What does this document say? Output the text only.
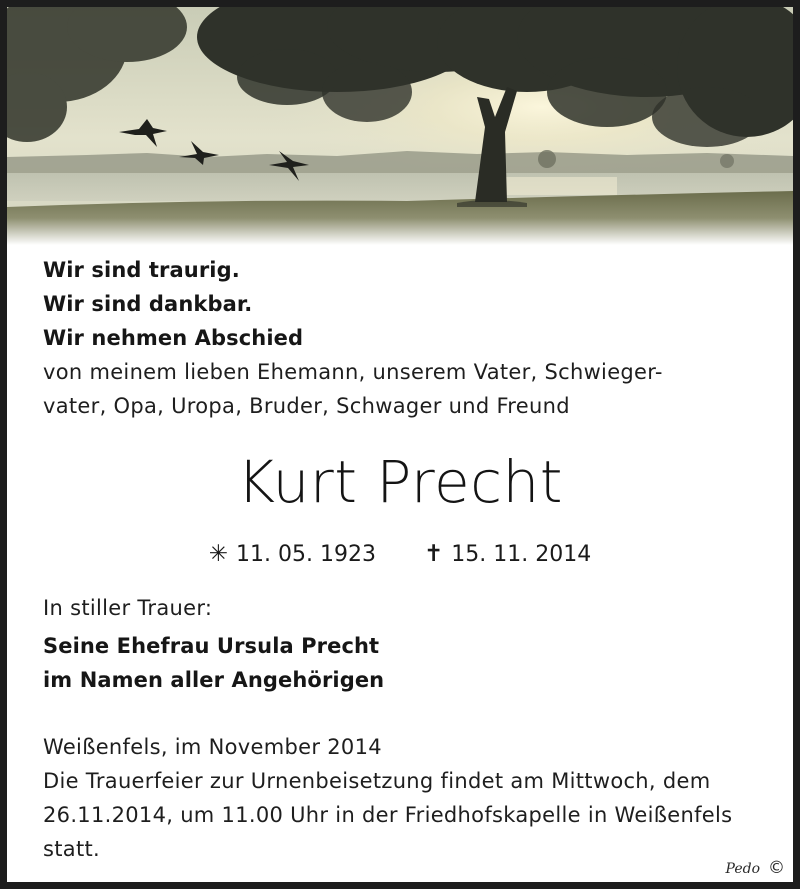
Wir sind traurig.
Wir sind dankbar.
Wir nehmen Abschied
von meinem lieben Ehemann, unserem Vater, Schwieger-
vater, Opa, Uropa, Bruder, Schwager und Freund
Kurt Precht
✳ 11. 05. 1923 ✝ 15. 11. 2014
In stiller Trauer:
Seine Ehefrau Ursula Precht
im Namen aller Angehörigen
Weißenfels, im November 2014
Die Trauerfeier zur Urnenbeisetzung findet am Mittwoch, dem
26.11.2014, um 11.00 Uhr in der Friedhofskapelle in Weißenfels
statt.
Pedo ©
